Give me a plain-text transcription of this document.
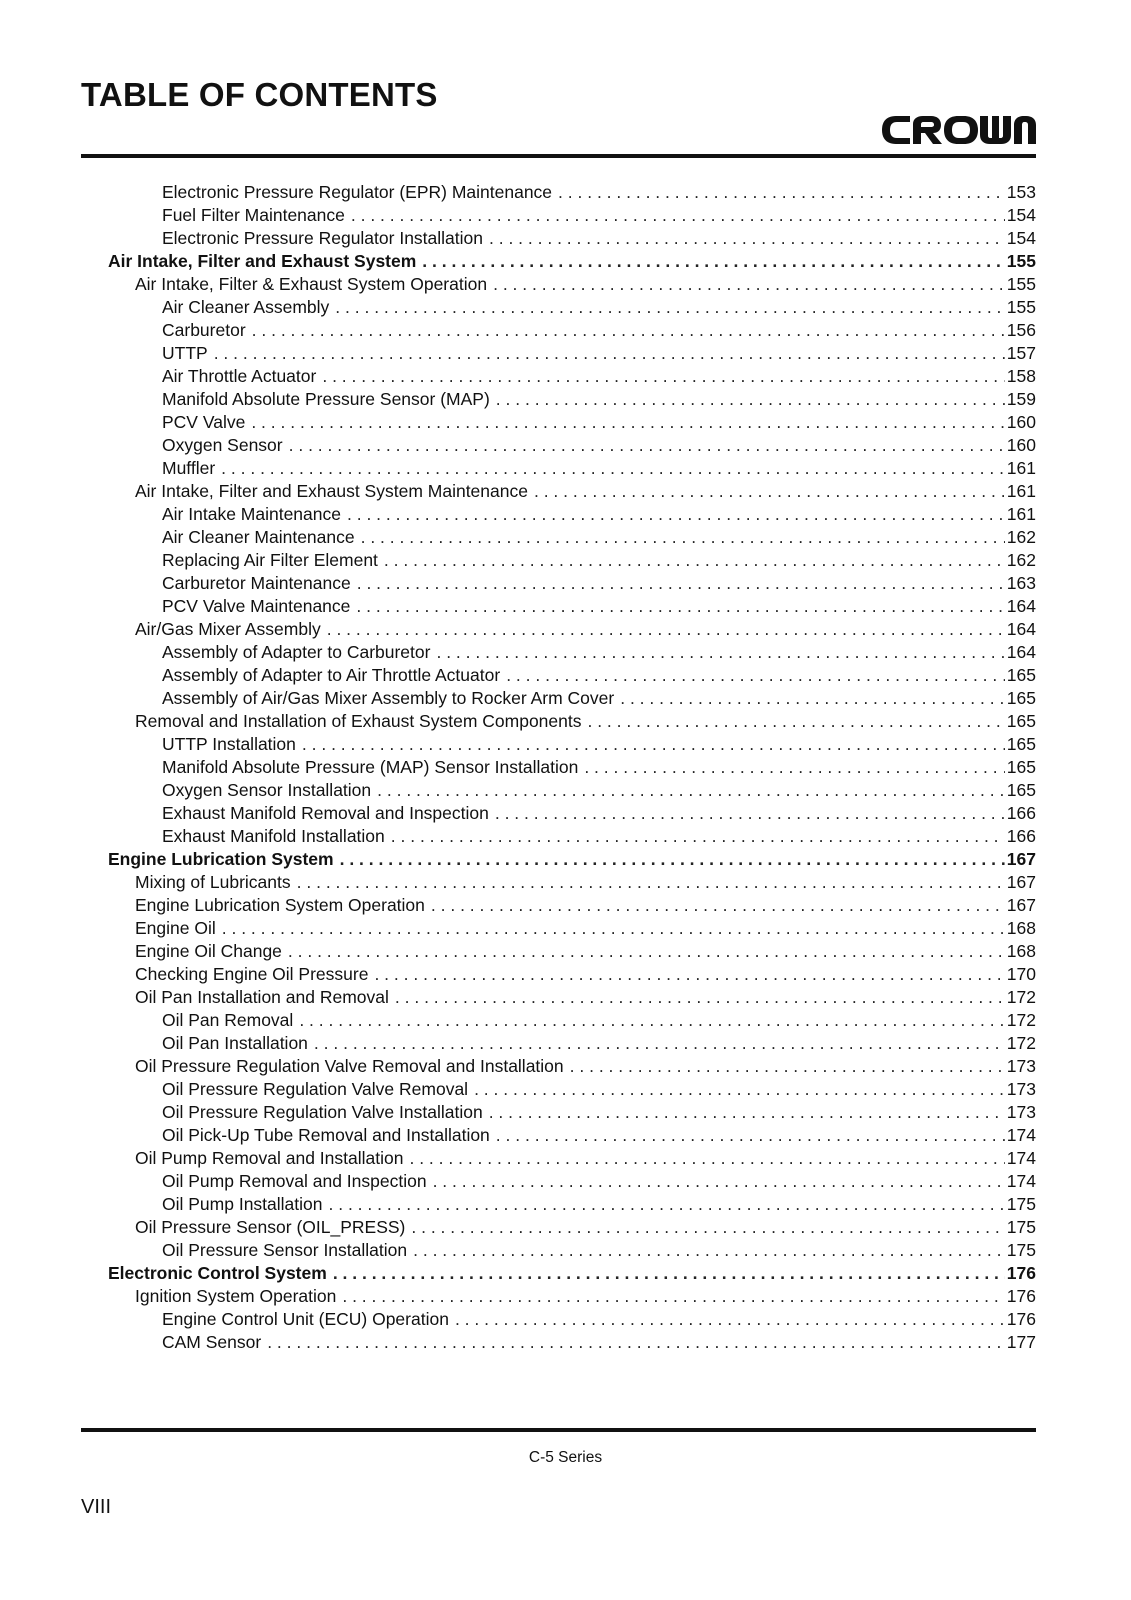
TABLE OF CONTENTS
Electronic Pressure Regulator (EPR) Maintenance . . .	153
Fuel Filter Maintenance . . .	154
Electronic Pressure Regulator Installation . . .	154
Air Intake, Filter and Exhaust System . . .	155
Air Intake, Filter & Exhaust System Operation . . .	155
Air Cleaner Assembly . . .	155
Carburetor . . .	156
UTTP . . .	157
Air Throttle Actuator . . .	158
Manifold Absolute Pressure Sensor (MAP) . . .	159
PCV Valve . . .	160
Oxygen Sensor . . .	160
Muffler . . .	161
Air Intake, Filter and Exhaust System Maintenance . . .	161
Air Intake Maintenance . . .	161
Air Cleaner Maintenance . . .	162
Replacing Air Filter Element . . .	162
Carburetor Maintenance . . .	163
PCV Valve Maintenance . . .	164
Air/Gas Mixer Assembly . . .	164
Assembly of Adapter to Carburetor . . .	164
Assembly of Adapter to Air Throttle Actuator . . .	165
Assembly of Air/Gas Mixer Assembly to Rocker Arm Cover . . .	165
Removal and Installation of Exhaust System Components . . .	165
UTTP Installation . . .	165
Manifold Absolute Pressure (MAP) Sensor Installation . . .	165
Oxygen Sensor Installation . . .	165
Exhaust Manifold Removal and Inspection . . .	166
Exhaust Manifold Installation . . .	166
Engine Lubrication System . . .	167
Mixing of Lubricants . . .	167
Engine Lubrication System Operation . . .	167
Engine Oil . . .	168
Engine Oil Change . . .	168
Checking Engine Oil Pressure . . .	170
Oil Pan Installation and Removal . . .	172
Oil Pan Removal . . .	172
Oil Pan Installation . . .	172
Oil Pressure Regulation Valve Removal and Installation . . .	173
Oil Pressure Regulation Valve Removal . . .	173
Oil Pressure Regulation Valve Installation . . .	173
Oil Pick-Up Tube Removal and Installation . . .	174
Oil Pump Removal and Installation . . .	174
Oil Pump Removal and Inspection . . .	174
Oil Pump Installation . . .	175
Oil Pressure Sensor (OIL_PRESS) . . .	175
Oil Pressure Sensor Installation . . .	175
Electronic Control System . . .	176
Ignition System Operation . . .	176
Engine Control Unit (ECU) Operation . . .	176
CAM Sensor . . .	177
C-5 Series
VIII
